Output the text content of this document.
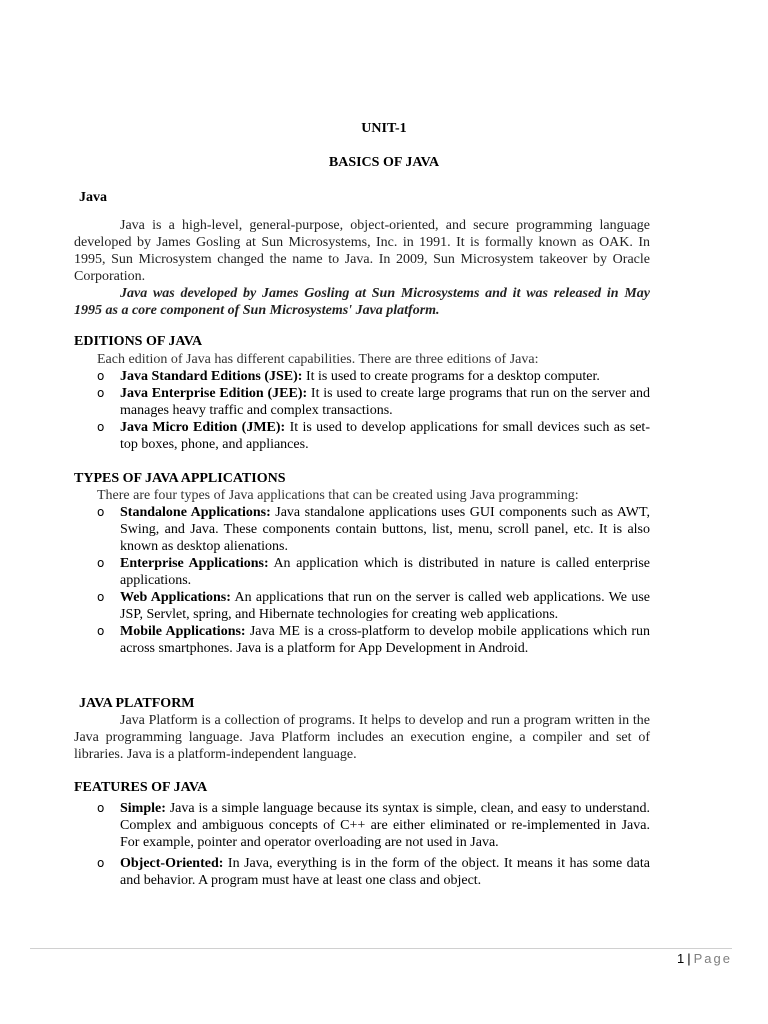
UNIT-1
BASICS OF JAVA
Java
Java is a high-level, general-purpose, object-oriented, and secure programming language developed by James Gosling at Sun Microsystems, Inc. in 1991. It is formally known as OAK. In 1995, Sun Microsystem changed the name to Java. In 2009, Sun Microsystem takeover by Oracle Corporation.
Java was developed by James Gosling at Sun Microsystems and it was released in May 1995 as a core component of Sun Microsystems' Java platform.
EDITIONS OF JAVA
Each edition of Java has different capabilities. There are three editions of Java:
o Java Standard Editions (JSE): It is used to create programs for a desktop computer.
o Java Enterprise Edition (JEE): It is used to create large programs that run on the server and manages heavy traffic and complex transactions.
o Java Micro Edition (JME): It is used to develop applications for small devices such as set-top boxes, phone, and appliances.
TYPES OF JAVA APPLICATIONS
There are four types of Java applications that can be created using Java programming:
o Standalone Applications: Java standalone applications uses GUI components such as AWT, Swing, and Java. These components contain buttons, list, menu, scroll panel, etc. It is also known as desktop alienations.
o Enterprise Applications: An application which is distributed in nature is called enterprise applications.
o Web Applications: An applications that run on the server is called web applications. We use JSP, Servlet, spring, and Hibernate technologies for creating web applications.
o Mobile Applications: Java ME is a cross-platform to develop mobile applications which run across smartphones. Java is a platform for App Development in Android.
JAVA PLATFORM
Java Platform is a collection of programs. It helps to develop and run a program written in the Java programming language. Java Platform includes an execution engine, a compiler and set of libraries. Java is a platform-independent language.
FEATURES OF JAVA
o Simple: Java is a simple language because its syntax is simple, clean, and easy to understand. Complex and ambiguous concepts of C++ are either eliminated or re-implemented in Java. For example, pointer and operator overloading are not used in Java.
o Object-Oriented: In Java, everything is in the form of the object. It means it has some data and behavior. A program must have at least one class and object.
1 | Page
